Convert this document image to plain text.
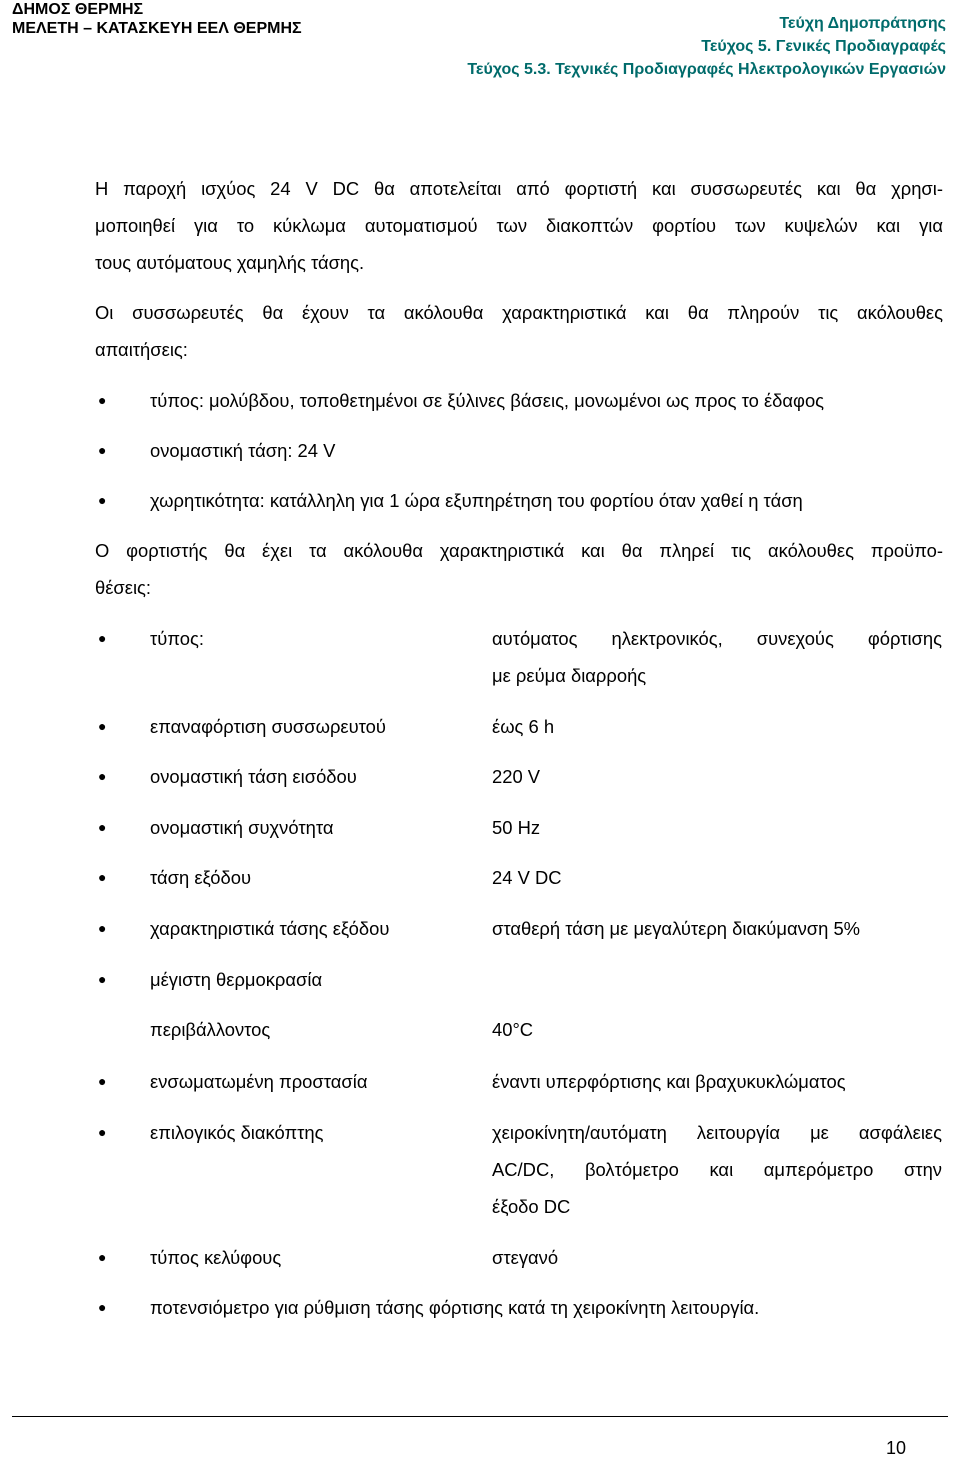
ΔΗΜΟΣ ΘΕΡΜΗΣ
ΜΕΛΕΤΗ – ΚΑΤΑΣΚΕΥΗ ΕΕΛ ΘΕΡΜΗΣ	Τεύχη Δημοπράτησης
Τεύχος 5. Γενικές Προδιαγραφές
Τεύχος 5.3. Τεχνικές Προδιαγραφές Ηλεκτρολογικών Εργασιών
Η παροχή ισχύος 24 V DC θα αποτελείται από φορτιστή και συσσωρευτές και θα χρησι-
μοποιηθεί για το κύκλωμα αυτοματισμού των διακοπτών φορτίου των κυψελών και για
τους αυτόματους χαμηλής τάσης.
Οι συσσωρευτές θα έχουν τα ακόλουθα χαρακτηριστικά και θα πληρούν τις ακόλουθες
απαιτήσεις:
● τύπος: μολύβδου, τοποθετημένοι σε ξύλινες βάσεις, μονωμένοι ως προς το έδαφος
● ονομαστική τάση: 24 V
● χωρητικότητα: κατάλληλη για 1 ώρα εξυπηρέτηση του φορτίου όταν χαθεί η τάση
Ο φορτιστής θα έχει τα ακόλουθα χαρακτηριστικά και θα πληρεί τις ακόλουθες προϋπο-
θέσεις:
● τύπος:	αυτόματος ηλεκτρονικός, συνεχούς φόρτισης
με ρεύμα διαρροής
● επαναφόρτιση συσσωρευτού	έως 6 h
● ονομαστική τάση εισόδου	220 V
● ονομαστική συχνότητα	50 Hz
● τάση εξόδου	24 V DC
● χαρακτηριστικά τάσης εξόδου	σταθερή τάση με μεγαλύτερη διακύμανση 5%
● μέγιστη θερμοκρασία
περιβάλλοντος	40°C
● ενσωματωμένη προστασία	έναντι υπερφόρτισης και βραχυκυκλώματος
● επιλογικός διακόπτης	χειροκίνητη/αυτόματη λειτουργία με ασφάλειες
AC/DC, βολτόμετρο και αμπερόμετρο στην
έξοδο DC
● τύπος κελύφους	στεγανό
● ποτενσιόμετρο για ρύθμιση τάσης φόρτισης κατά τη χειροκίνητη λειτουργία.
10
